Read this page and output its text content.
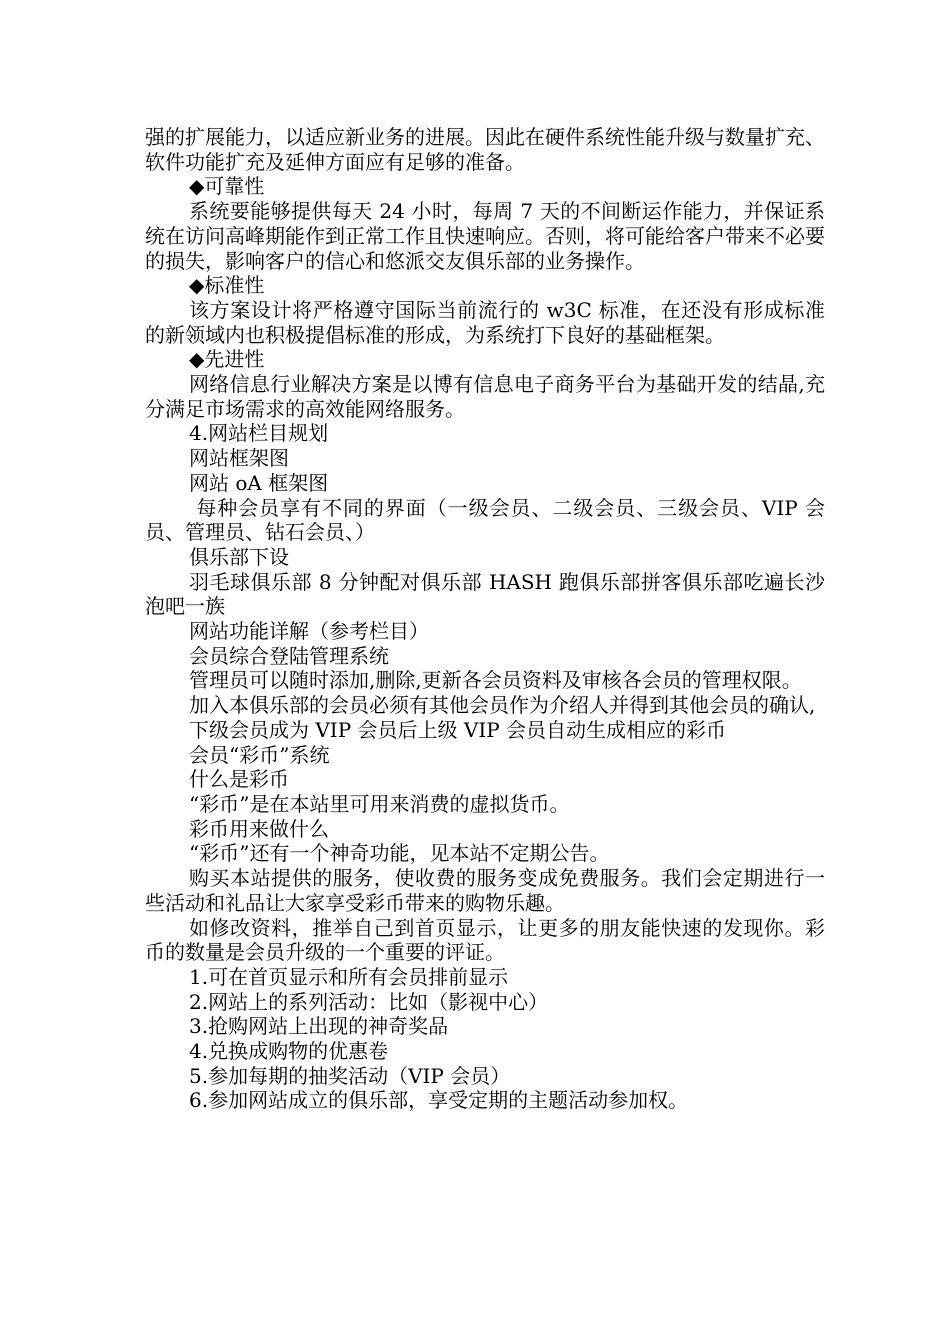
强的扩展能力，以适应新业务的进展。因此在硬件系统性能升级与数量扩充、软件功能扩充及延伸方面应有足够的准备。

◆可靠性

系统要能够提供每天 24 小时，每周 7 天的不间断运作能力，并保证系统在访问高峰期能作到正常工作且快速响应。否则，将可能给客户带来不必要的损失，影响客户的信心和悠派交友俱乐部的业务操作。

◆标准性

该方案设计将严格遵守国际当前流行的 w3C 标准，在还没有形成标准的新领域内也积极提倡标准的形成，为系统打下良好的基础框架。

◆先进性

网络信息行业解决方案是以博有信息电子商务平台为基础开发的结晶,充分满足市场需求的高效能网络服务。

4.网站栏目规划

网站框架图

网站 oA 框架图

每种会员享有不同的界面（一级会员、二级会员、三级会员、VIP 会员、管理员、钻石会员、）

俱乐部下设

羽毛球俱乐部 8 分钟配对俱乐部 HASH 跑俱乐部拼客俱乐部吃遍长沙泡吧一族

网站功能详解（参考栏目）

会员综合登陆管理系统

管理员可以随时添加,删除,更新各会员资料及审核各会员的管理权限。

加入本俱乐部的会员必须有其他会员作为介绍人并得到其他会员的确认,

下级会员成为 VIP 会员后上级 VIP 会员自动生成相应的彩币

会员“彩币”系统

什么是彩币

“彩币”是在本站里可用来消费的虚拟货币。

彩币用来做什么

“彩币”还有一个神奇功能，见本站不定期公告。

购买本站提供的服务，使收费的服务变成免费服务。我们会定期进行一些活动和礼品让大家享受彩币带来的购物乐趣。

如修改资料，推举自己到首页显示，让更多的朋友能快速的发现你。彩币的数量是会员升级的一个重要的评证。

1.可在首页显示和所有会员排前显示

2.网站上的系列活动：比如（影视中心）

3.抢购网站上出现的神奇奖品

4.兑换成购物的优惠卷

5.参加每期的抽奖活动（VIP 会员）

6.参加网站成立的俱乐部，享受定期的主题活动参加权。
